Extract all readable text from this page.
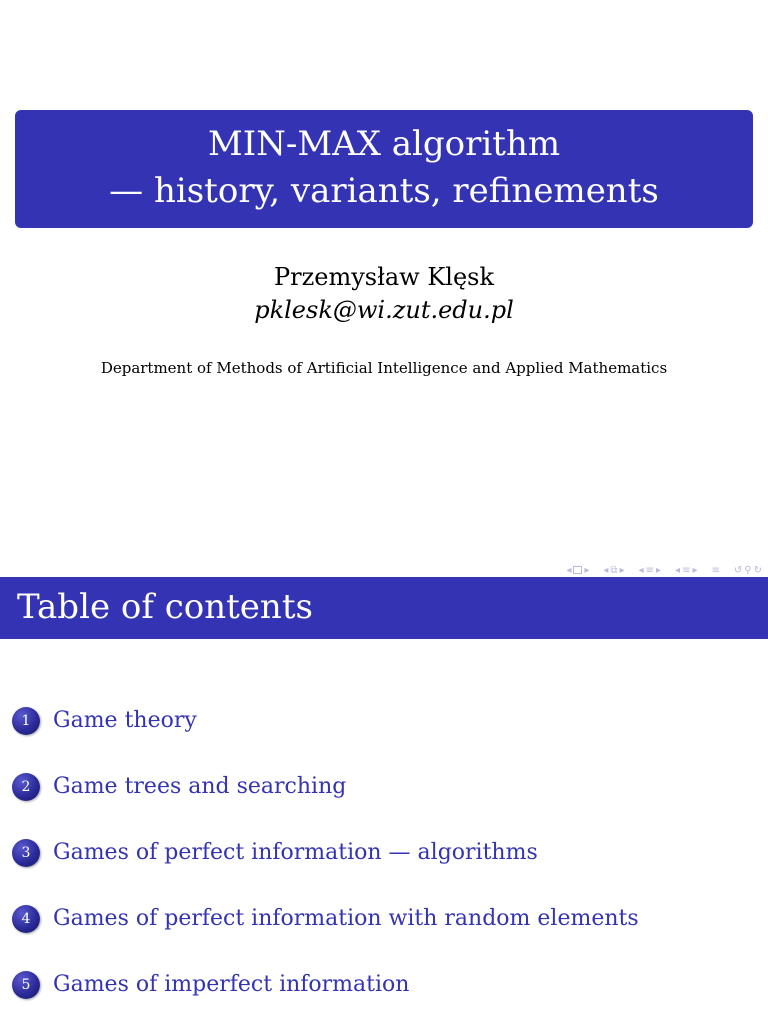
MIN-MAX algorithm
— history, variants, refinements
Przemysław Klęsk
pklesk@wi.zut.edu.pl
Department of Methods of Artificial Intelligence and Applied Mathematics
◂ ▸ ◂ ⧉ ▸ ◂ ≡ ▸ ◂ ≡ ▸ ≡ ↺ ⚲ ↻
Table of contents
1	Game theory
2	Game trees and searching
3	Games of perfect information — algorithms
4	Games of perfect information with random elements
5	Games of imperfect information
